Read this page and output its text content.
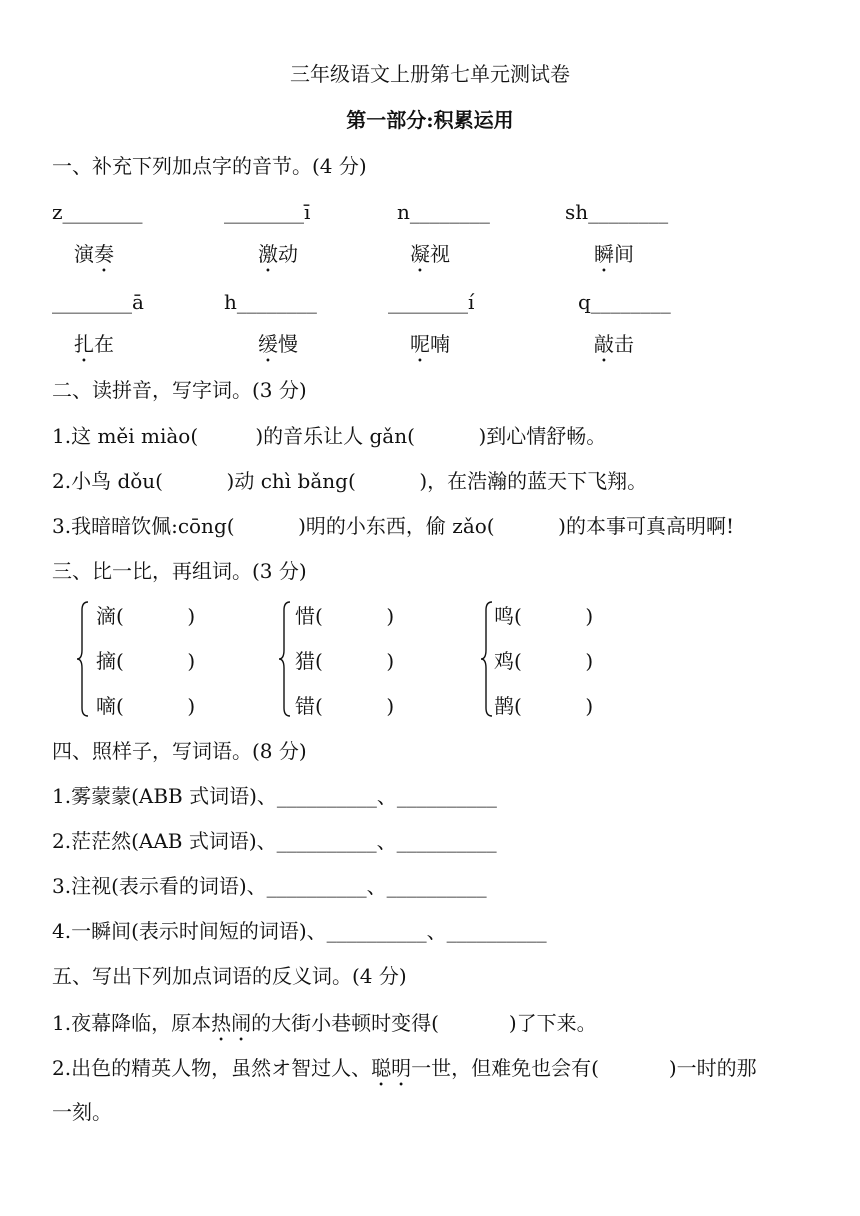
三年级语文上册第七单元测试卷
第一部分:积累运用
一、补充下列加点字的音节。(4 分)
z________	________ī	n________	sh________
演奏	激动	凝视	瞬间
________ā	h________	________í	q________
扎在	缓慢	呢喃	敲击
二、读拼音，写字词。(3 分)
1.这 měi miào(         )的音乐让人 gǎn(          )到心情舒畅。
2.小鸟 dǒu(          )动 chì bǎng(          )，在浩瀚的蓝天下飞翔。
3.我暗暗饮佩:cōng(          )明的小东西，偷 zǎo(          )的本事可真高明啊!
三、比一比，再组词。(3 分)
滴(          )
摘(          )
嘀(          )
惜(          )
猎(          )
错(          )
鸣(          )
鸡(          )
鹊(          )
四、照样子，写词语。(8 分)
1.雾蒙蒙(ABB 式词语)、__________、__________
2.茫茫然(AAB 式词语)、__________、__________
3.注视(表示看的词语)、__________、__________
4.一瞬间(表示时间短的词语)、__________、__________
五、写出下列加点词语的反义词。(4 分)
1.夜幕降临，原本热闹的大街小巷顿时变得(           )了下来。
2.出色的精英人物，虽然オ智过人、聪明一世，但难免也会有(           )一时的那
一刻。
